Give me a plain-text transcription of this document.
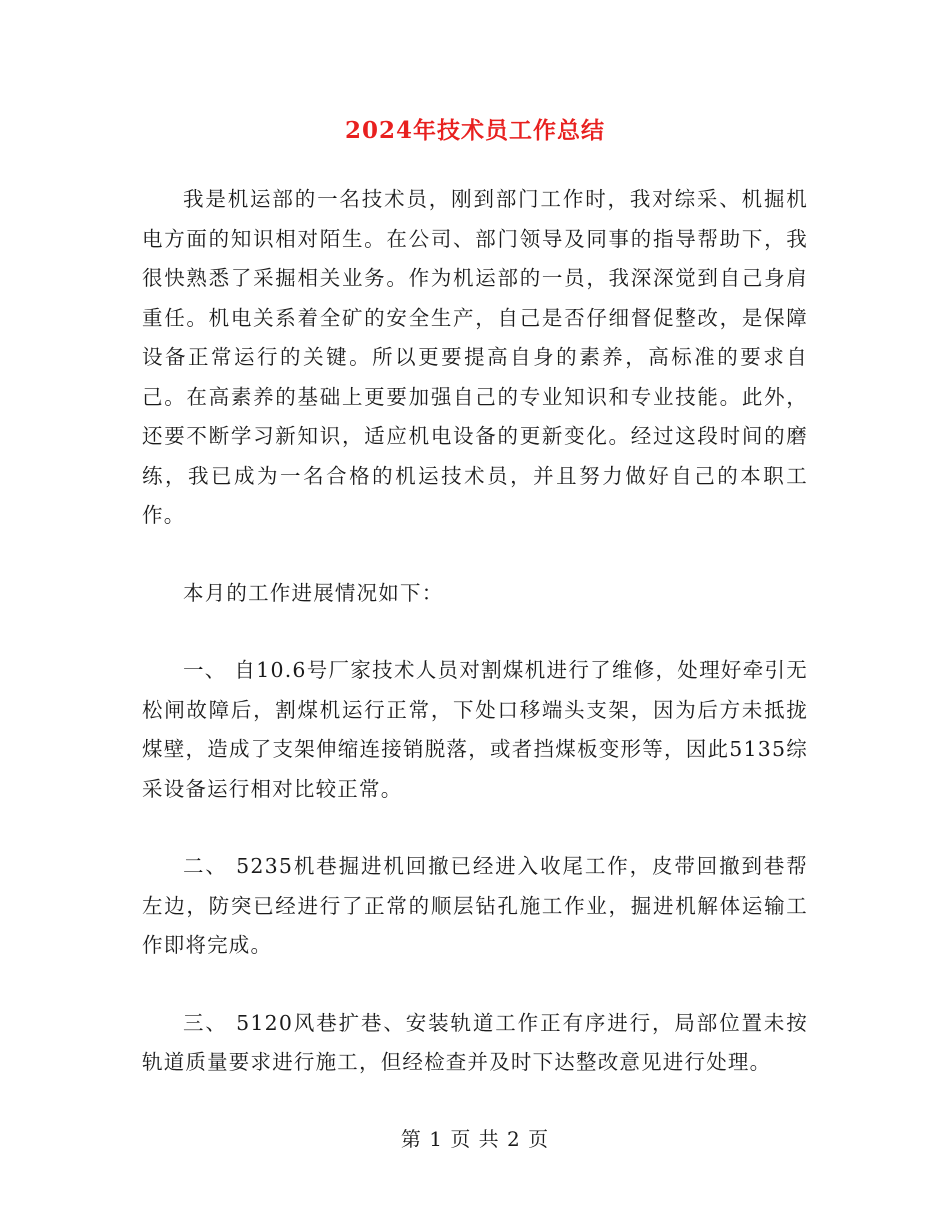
2024年技术员工作总结

我是机运部的一名技术员，刚到部门工作时，我对综采、机掘机电方面的知识相对陌生。在公司、部门领导及同事的指导帮助下，我很快熟悉了采掘相关业务。作为机运部的一员，我深深觉到自己身肩重任。机电关系着全矿的安全生产，自己是否仔细督促整改，是保障设备正常运行的关键。所以更要提高自身的素养，高标准的要求自己。在高素养的基础上更要加强自己的专业知识和专业技能。此外，还要不断学习新知识，适应机电设备的更新变化。经过这段时间的磨练，我已成为一名合格的机运技术员，并且努力做好自己的本职工作。

本月的工作进展情况如下：

一、 自10.6号厂家技术人员对割煤机进行了维修，处理好牵引无松闸故障后，割煤机运行正常，下处口移端头支架，因为后方未抵拢煤壁，造成了支架伸缩连接销脱落，或者挡煤板变形等，因此5135综采设备运行相对比较正常。

二、 5235机巷掘进机回撤已经进入收尾工作，皮带回撤到巷帮左边，防突已经进行了正常的顺层钻孔施工作业，掘进机解体运输工作即将完成。

三、 5120风巷扩巷、安装轨道工作正有序进行，局部位置未按轨道质量要求进行施工，但经检查并及时下达整改意见进行处理。

第 1 页 共 2 页
